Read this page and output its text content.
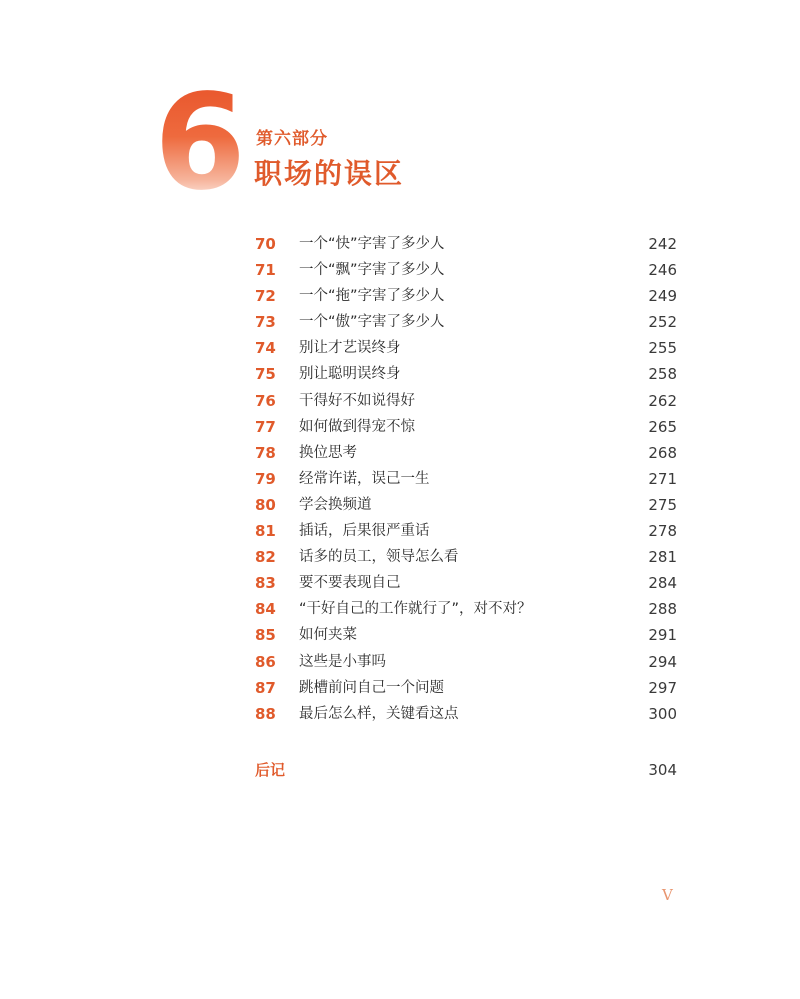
6 第六部分
职场的误区
70 一个“快”字害了多少人	242
71 一个“飘”字害了多少人	246
72 一个“拖”字害了多少人	249
73 一个“傲”字害了多少人	252
74 别让才艺误终身	255
75 别让聪明误终身	258
76 干得好不如说得好	262
77 如何做到得宠不惊	265
78 换位思考	268
79 经常许诺，误己一生	271
80 学会换频道	275
81 插话，后果很严重话	278
82 话多的员工，领导怎么看	281
83 要不要表现自己	284
84 “干好自己的工作就行了”，对不对？	288
85 如何夹菜	291
86 这些是小事吗	294
87 跳槽前问自己一个问题	297
88 最后怎么样，关键看这点	300
后记	304
V
